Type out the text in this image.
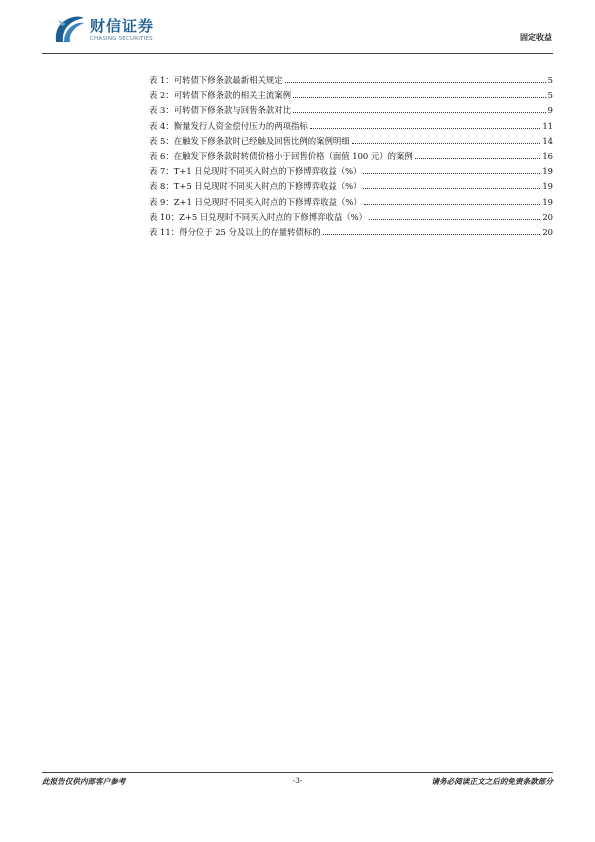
财信证券
CHASING SECURITIES	固定收益
表 1：可转债下修条款最新相关规定	5
表 2：可转债下修条款的相关主流案例	5
表 3：可转债下修条款与回售条款对比	9
表 4：衡量发行人资金偿付压力的两项指标	11
表 5：在触发下修条款时已经触及回售比例的案例明细	14
表 6：在触发下修条款时转债价格小于回售价格（面值 100 元）的案例	16
表 7：T+1 日兑现时不同买入时点的下修博弈收益（%）	19
表 8：T+5 日兑现时不同买入时点的下修博弈收益（%）	19
表 9：Z+1 日兑现时不同买入时点的下修博弈收益（%）	19
表 10：Z+5 日兑现时不同买入时点的下修博弈收益（%）	20
表 11：得分位于 25 分及以上的存量转债标的	20
此报告仅供内部客户参考	-3-	请务必阅读正文之后的免责条款部分
